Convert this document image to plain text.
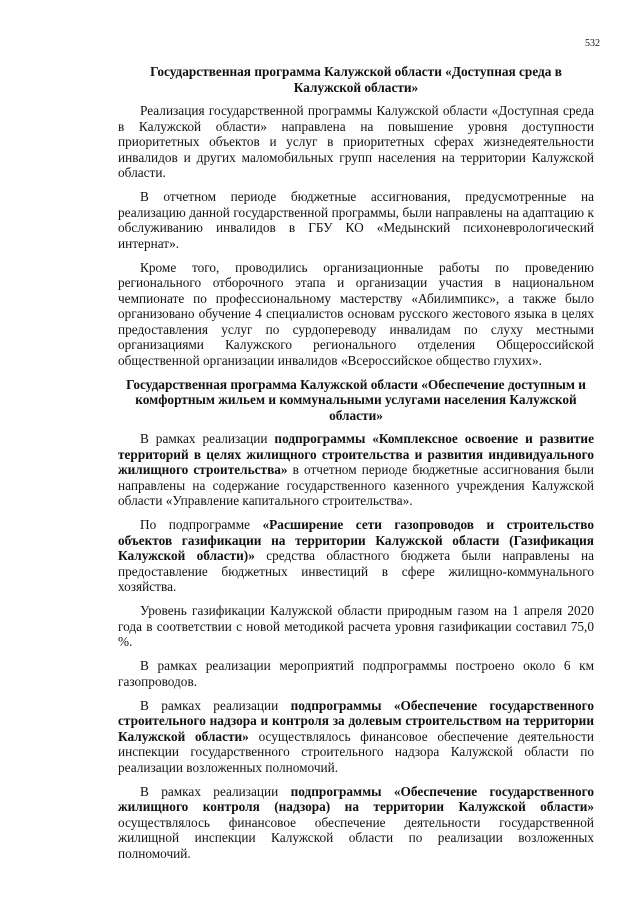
532
Государственная программа Калужской области «Доступная среда в Калужской области»

Реализация государственной программы Калужской области «Доступная среда в Калужской области» направлена на повышение уровня доступности приоритетных объектов и услуг в приоритетных сферах жизнедеятельности инвалидов и других маломобильных групп населения на территории Калужской области.

В отчетном периоде бюджетные ассигнования, предусмотренные на реализацию данной государственной программы, были направлены на адаптацию к обслуживанию инвалидов в ГБУ КО «Медынский психоневрологический интернат».

Кроме того, проводились организационные работы по проведению регионального отборочного этапа и организации участия в национальном чемпионате по профессиональному мастерству «Абилимпикс», а также было организовано обучение 4 специалистов основам русского жестового языка в целях предоставления услуг по сурдопереводу инвалидам по слуху местными организациями Калужского регионального отделения Общероссийской общественной организации инвалидов «Всероссийское общество глухих».

Государственная программа Калужской области «Обеспечение доступным и комфортным жильем и коммунальными услугами населения Калужской области»

В рамках реализации подпрограммы «Комплексное освоение и развитие территорий в целях жилищного строительства и развития индивидуального жилищного строительства» в отчетном периоде бюджетные ассигнования были направлены на содержание государственного казенного учреждения Калужской области «Управление капитального строительства».

По подпрограмме «Расширение сети газопроводов и строительство объектов газификации на территории Калужской области (Газификация Калужской области)» средства областного бюджета были направлены на предоставление бюджетных инвестиций в сфере жилищно-коммунального хозяйства.

Уровень газификации Калужской области природным газом на 1 апреля 2020 года в соответствии с новой методикой расчета уровня газификации составил 75,0 %.

В рамках реализации мероприятий подпрограммы построено около 6 км газопроводов.

В рамках реализации подпрограммы «Обеспечение государственного строительного надзора и контроля за долевым строительством на территории Калужской области» осуществлялось финансовое обеспечение деятельности инспекции государственного строительного надзора Калужской области по реализации возложенных полномочий.

В рамках реализации подпрограммы «Обеспечение государственного жилищного контроля (надзора) на территории Калужской области» осуществлялось финансовое обеспечение деятельности государственной жилищной инспекции Калужской области по реализации возложенных полномочий.
